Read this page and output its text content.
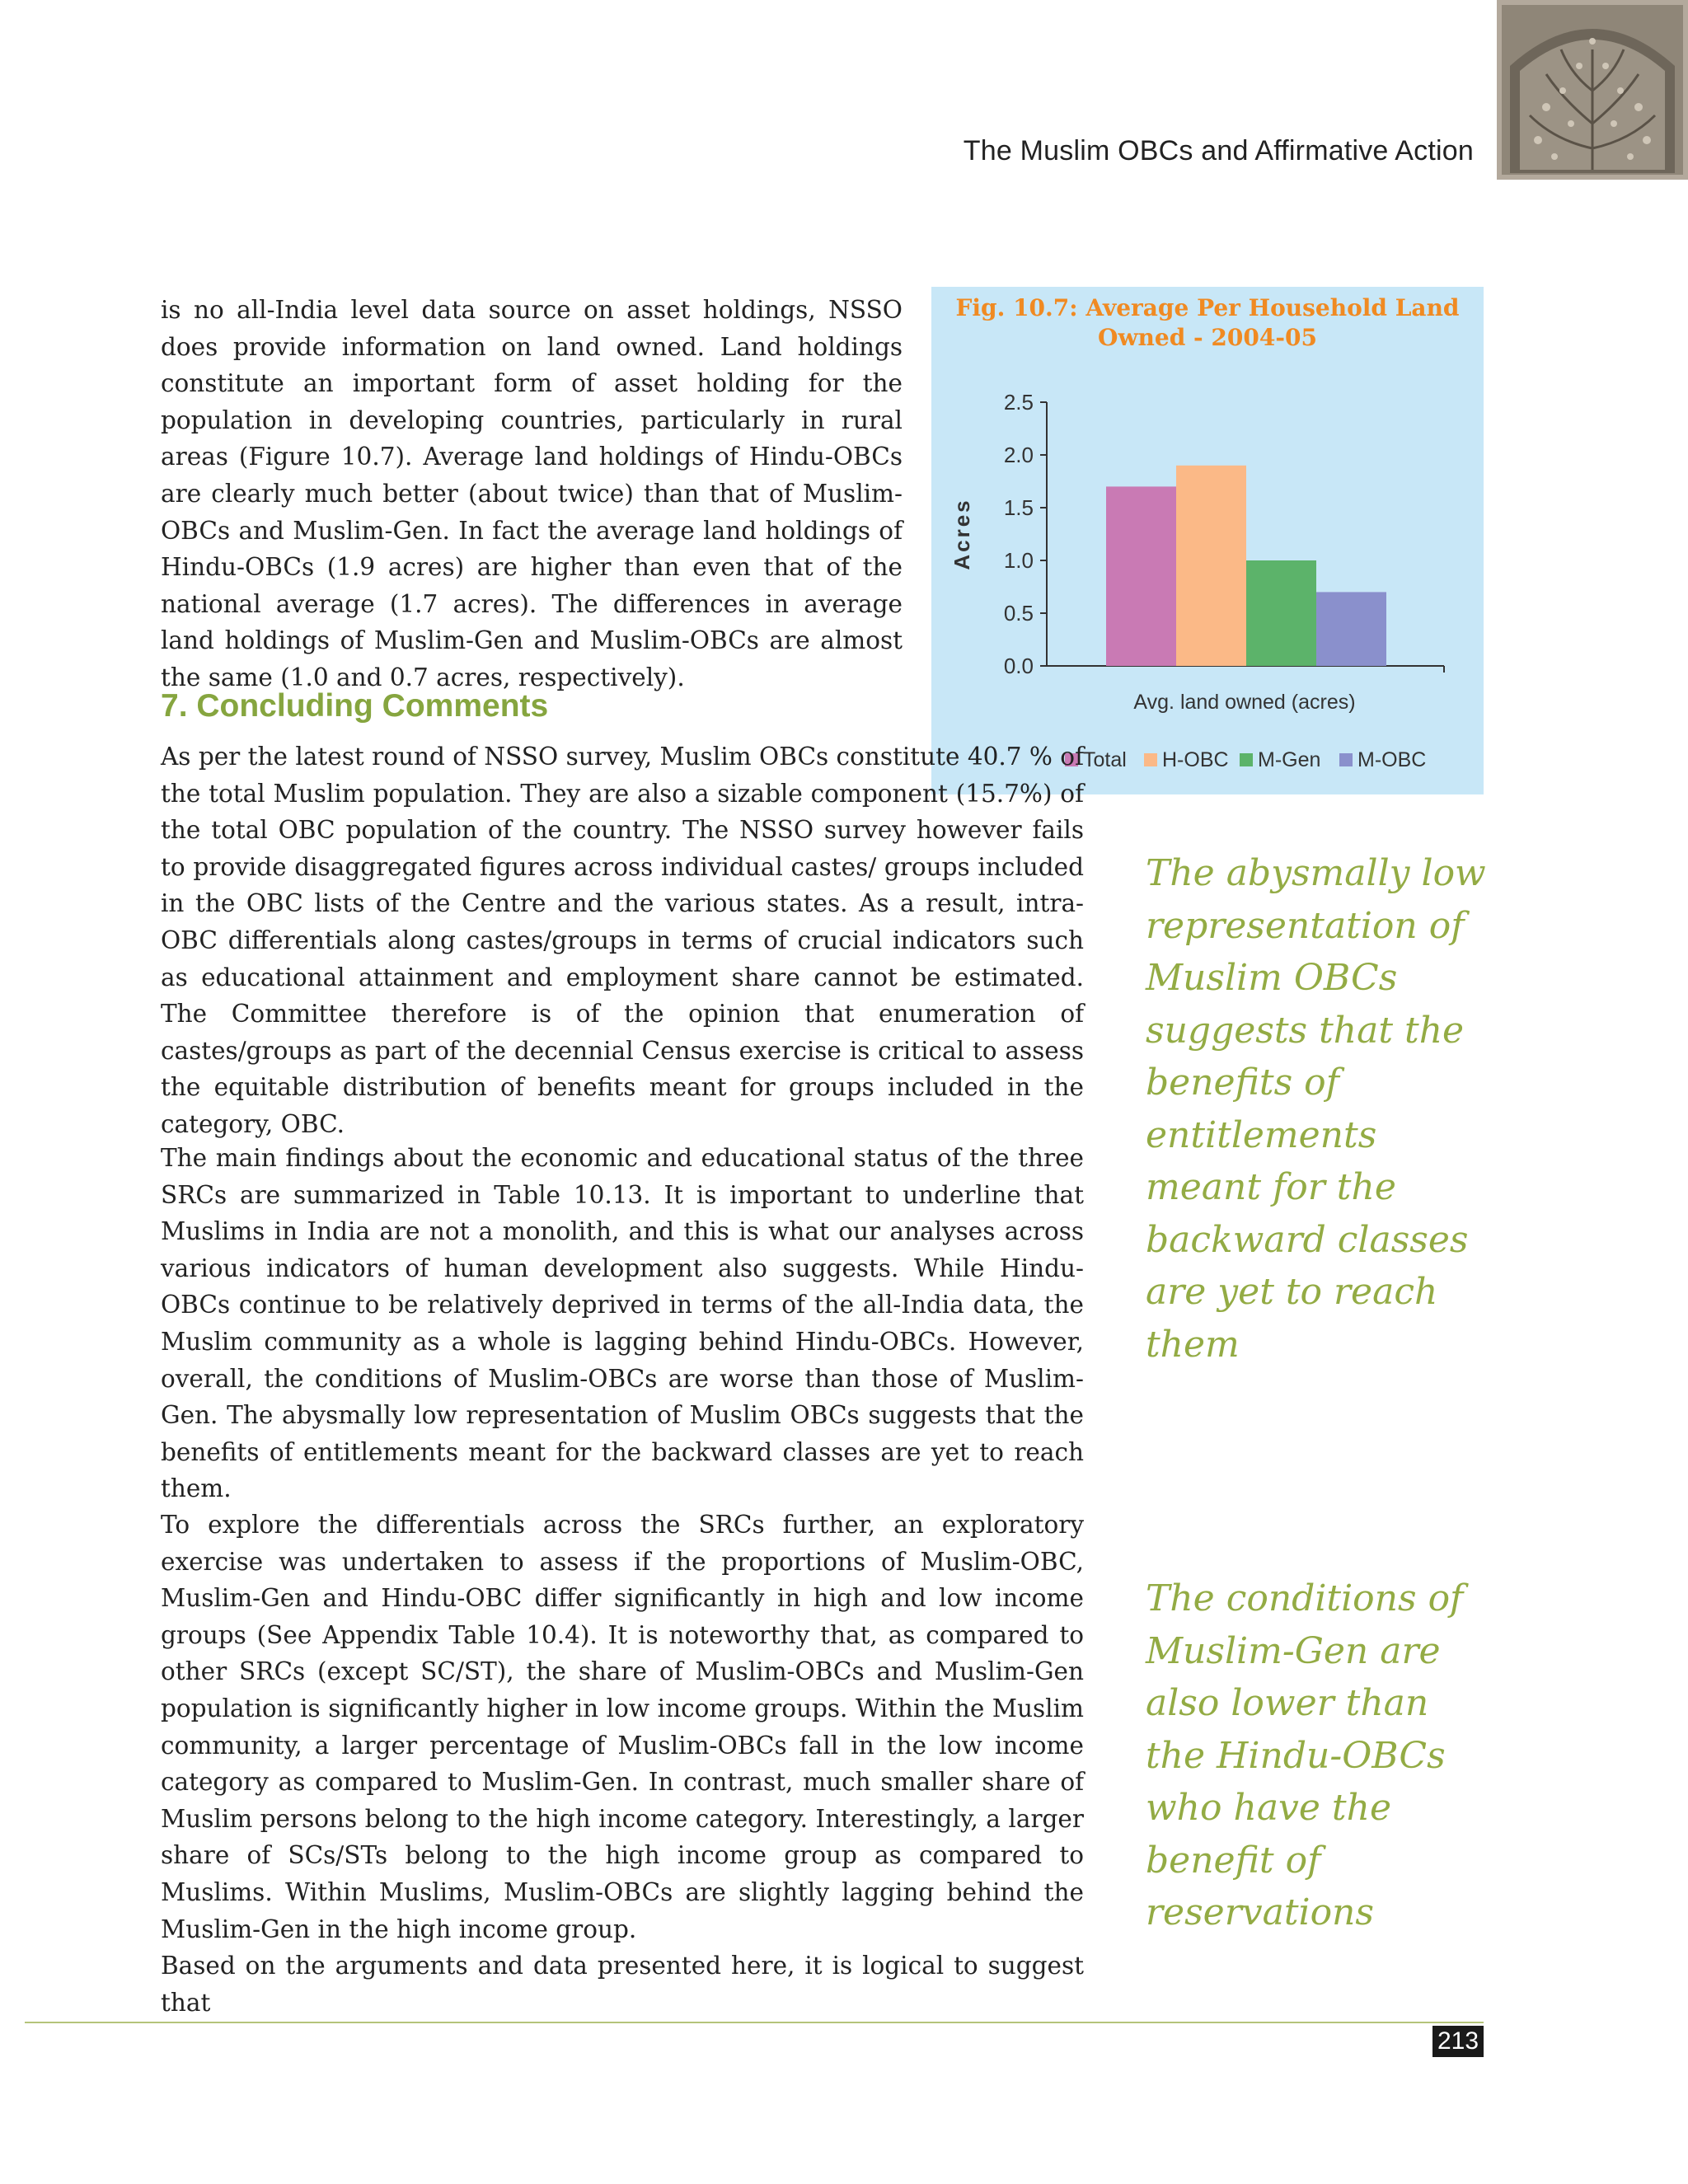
The Muslim OBCs and Affirmative Action

is no all-India level data source on asset holdings, NSSO does provide information on land owned. Land holdings constitute an important form of asset holding for the population in developing countries, particularly in rural areas (Figure 10.7). Average land holdings of Hindu-OBCs are clearly much better (about twice) than that of Muslim-OBCs and Muslim-Gen. In fact the average land holdings of Hindu-OBCs (1.9 acres) are higher than even that of the national average (1.7 acres). The differences in average land holdings of Muslim-Gen and Muslim-OBCs are almost the same (1.0 and 0.7 acres, respectively).

Fig. 10.7: Average Per Household Land Owned - 2004-05
0.0
0.5
1.0
1.5
2.0
2.5
Acres
Avg. land owned (acres)
Total H-OBC M-Gen M-OBC
7. Concluding Comments

As per the latest round of NSSO survey, Muslim OBCs constitute 40.7 % of the total Muslim population. They are also a sizable component (15.7%) of the total OBC population of the country. The NSSO survey however fails to provide disaggregated figures across individual castes/ groups included in the OBC lists of the Centre and the various states. As a result, intra-OBC differentials along castes/groups in terms of crucial indicators such as educational attainment and employment share cannot be estimated. The Committee therefore is of the opinion that enumeration of castes/groups as part of the decennial Census exercise is critical to assess the equitable distribution of benefits meant for groups included in the category, OBC.

The main findings about the economic and educational status of the three SRCs are summarized in Table 10.13. It is important to underline that Muslims in India are not a monolith, and this is what our analyses across various indicators of human development also suggests. While Hindu-OBCs continue to be relatively deprived in terms of the all-India data, the Muslim community as a whole is lagging behind Hindu-OBCs. However, overall, the conditions of Muslim-OBCs are worse than those of Muslim-Gen. The abysmally low representation of Muslim OBCs suggests that the benefits of entitlements meant for the backward classes are yet to reach them.

To explore the differentials across the SRCs further, an exploratory exercise was undertaken to assess if the proportions of Muslim-OBC, Muslim-Gen and Hindu-OBC differ significantly in high and low income groups (See Appendix Table 10.4). It is noteworthy that, as compared to other SRCs (except SC/ST), the share of Muslim-OBCs and Muslim-Gen population is significantly higher in low income groups. Within the Muslim community, a larger percentage of Muslim-OBCs fall in the low income category as compared to Muslim-Gen. In contrast, much smaller share of Muslim persons belong to the high income category. Interestingly, a larger share of SCs/STs belong to the high income group as compared to Muslims. Within Muslims, Muslim-OBCs are slightly lagging behind the Muslim-Gen in the high income group.

Based on the arguments and data presented here, it is logical to suggest that

The abysmally low representation of Muslim OBCs suggests that the benefits of entitlements meant for the backward classes are yet to reach them

The conditions of Muslim-Gen are also lower than the Hindu-OBCs who have the benefit of reservations

213
